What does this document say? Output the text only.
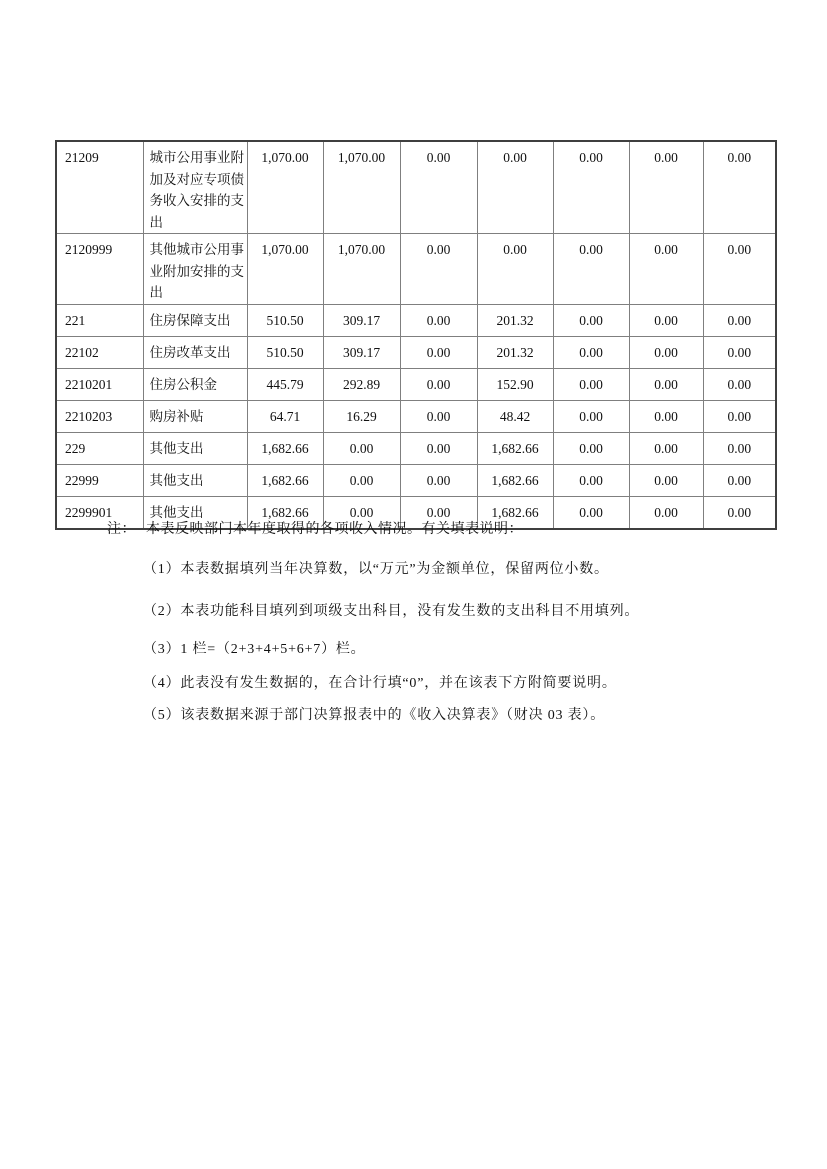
21209	城市公用事业附加及对应专项债务收入安排的支出	1,070.00	1,070.00	0.00	0.00	0.00	0.00	0.00
2120999	其他城市公用事业附加安排的支出	1,070.00	1,070.00	0.00	0.00	0.00	0.00	0.00
221	住房保障支出	510.50	309.17	0.00	201.32	0.00	0.00	0.00
22102	住房改革支出	510.50	309.17	0.00	201.32	0.00	0.00	0.00
2210201	住房公积金	445.79	292.89	0.00	152.90	0.00	0.00	0.00
2210203	购房补贴	64.71	16.29	0.00	48.42	0.00	0.00	0.00
229	其他支出	1,682.66	0.00	0.00	1,682.66	0.00	0.00	0.00
22999	其他支出	1,682.66	0.00	0.00	1,682.66	0.00	0.00	0.00
2299901	其他支出	1,682.66	0.00	0.00	1,682.66	0.00	0.00	0.00

注： 本表反映部门本年度取得的各项收入情况。有关填表说明：

（1）本表数据填列当年决算数，以“万元”为金额单位，保留两位小数。

（2）本表功能科目填列到项级支出科目，没有发生数的支出科目不用填列。

（3）1 栏=（2+3+4+5+6+7）栏。

（4）此表没有发生数据的，在合计行填“0”，并在该表下方附简要说明。

（5）该表数据来源于部门决算报表中的《收入决算表》（财决 03 表）。
